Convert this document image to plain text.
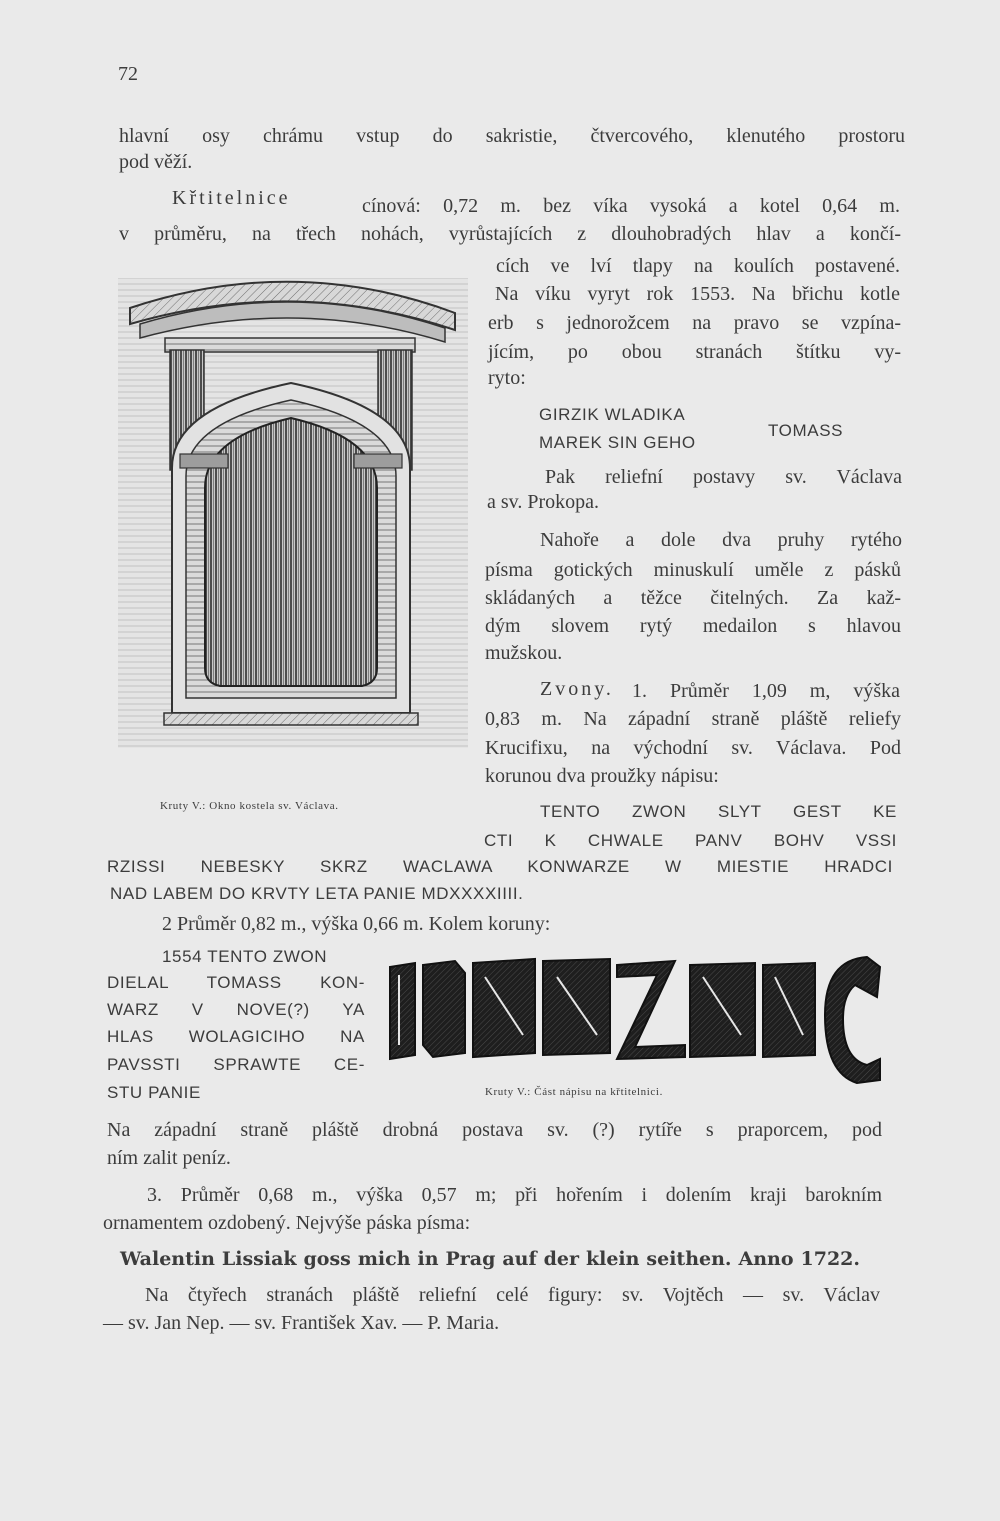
72
hlavní osy chrámu vstup do sakristie, čtvercového, klenutého prostoru
pod věží.
Křtitelnice	cínová: 0,72 m. bez víka vysoká a kotel 0,64 m.
v průměru, na třech nohách, vyrůstajících z dlouhobradých hlav a končí-
cích ve lví tlapy na koulích postavené.
Na víku vyryt rok 1553. Na břichu kotle
erb s jednorožcem na pravo se vzpína-
jícím, po obou stranách štítku vy-
ryto:
GIRZIK WLADIKA
MAREK SIN GEHO
TOMASS
Pak reliefní postavy sv. Václava
a sv. Prokopa.
Nahoře a dole dva pruhy rytého
písma gotických minuskulí uměle z pásků
skládaných a těžce čitelných. Za kaž-
dým slovem rytý medailon s hlavou
mužskou.
Zvony. 1. Průměr 1,09 m, výška
0,83 m. Na západní straně pláště reliefy
Krucifixu, na východní sv. Václava. Pod
korunou dva proužky nápisu:
Kruty V.: Okno kostela sv. Václava.	TENTO ZWON SLYT GEST KE
CTI K CHWALE PANV BOHV VSSI
RZISSI NEBESKY SKRZ WACLAWA KONWARZE W MIESTIE HRADCI
NAD LABEM DO KRVTY LETA PANIE MDXXXXIIII.
2 Průměr 0,82 m., výška 0,66 m. Kolem koruny:
1554 TENTO ZWON
DIELAL TOMASS KON-
WARZ V NOVE(?) YA
HLAS WOLAGICIHO NA
PAVSSTI SPRAWTE CE-
STU PANIE	Kruty V.: Část nápisu na křtitelnici.
Na západní straně pláště drobná postava sv. (?) rytíře s praporcem, pod
ním zalit peníz.
3. Průměr 0,68 m., výška 0,57 m; při hořením i dolením kraji barokním
ornamentem ozdobený. Nejvýše páska písma:
Walentin Lissiak goss mich in Prag auf der klein seithen. Anno 1722.
Na čtyřech stranách pláště reliefní celé figury: sv. Vojtěch — sv. Václav
— sv. Jan Nep. — sv. František Xav. — P. Maria.
